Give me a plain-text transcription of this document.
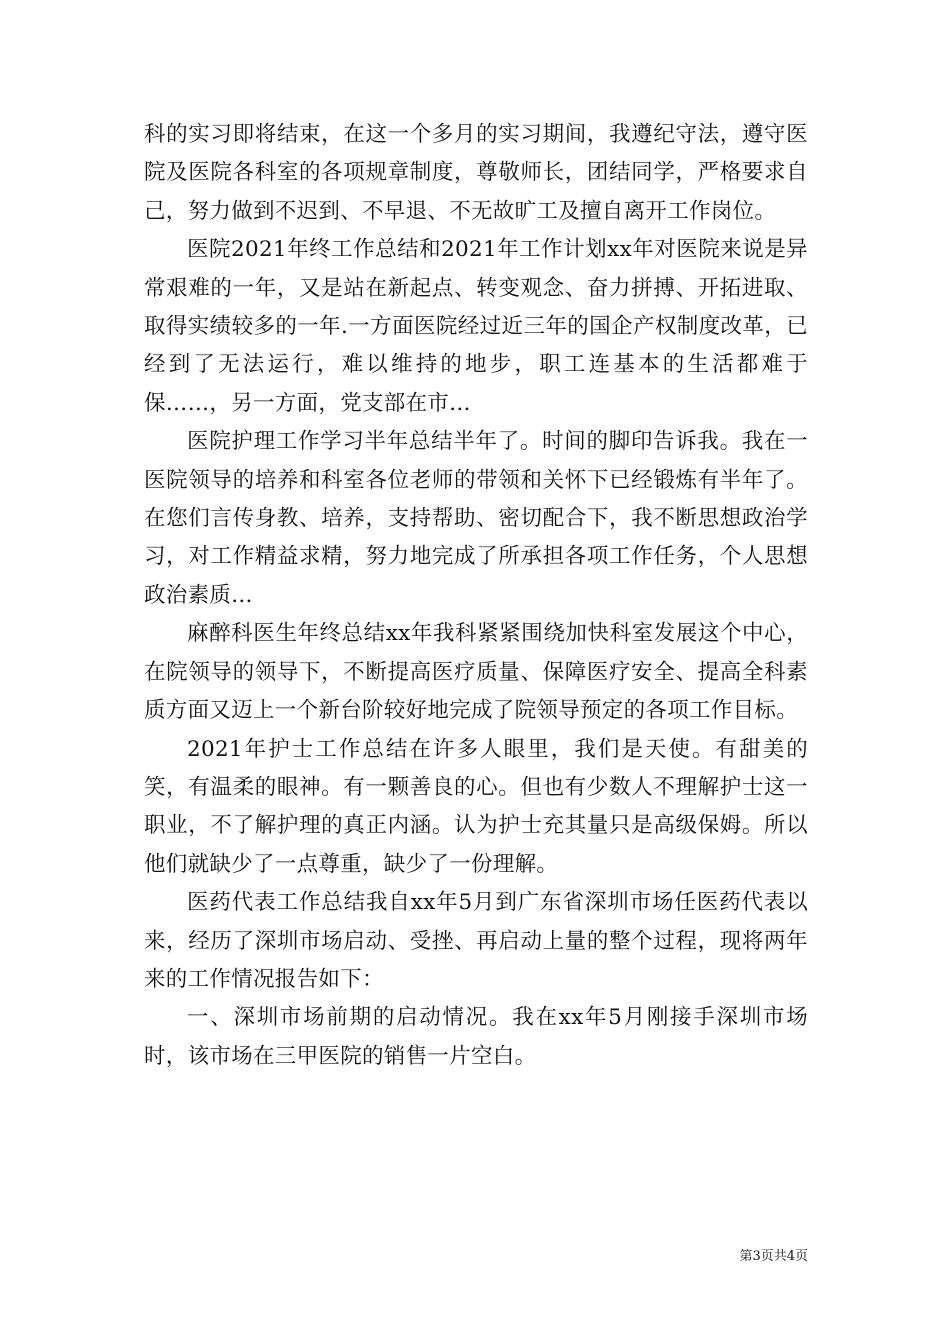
科的实习即将结束，在这一个多月的实习期间，我遵纪守法，遵守医院及医院各科室的各项规章制度，尊敬师长，团结同学，严格要求自己，努力做到不迟到、不早退、不无故旷工及擅自离开工作岗位。

医院2021年终工作总结和2021年工作计划xx年对医院来说是异常艰难的一年，又是站在新起点、转变观念、奋力拼搏、开拓进取、取得实绩较多的一年.一方面医院经过近三年的国企产权制度改革，已经到了无法运行，难以维持的地步，职工连基本的生活都难于保……，另一方面，党支部在市...

医院护理工作学习半年总结半年了。时间的脚印告诉我。我在一医院领导的培养和科室各位老师的带领和关怀下已经锻炼有半年了。在您们言传身教、培养，支持帮助、密切配合下，我不断思想政治学习，对工作精益求精，努力地完成了所承担各项工作任务，个人思想政治素质...

麻醉科医生年终总结xx年我科紧紧围绕加快科室发展这个中心，在院领导的领导下，不断提高医疗质量、保障医疗安全、提高全科素质方面又迈上一个新台阶较好地完成了院领导预定的各项工作目标。

2021年护士工作总结在许多人眼里，我们是天使。有甜美的笑，有温柔的眼神。有一颗善良的心。但也有少数人不理解护士这一职业，不了解护理的真正内涵。认为护士充其量只是高级保姆。所以他们就缺少了一点尊重，缺少了一份理解。

医药代表工作总结我自xx年5月到广东省深圳市场任医药代表以来，经历了深圳市场启动、受挫、再启动上量的整个过程，现将两年来的工作情况报告如下：

一、深圳市场前期的启动情况。我在xx年5月刚接手深圳市场时，该市场在三甲医院的销售一片空白。

第3页共4页
